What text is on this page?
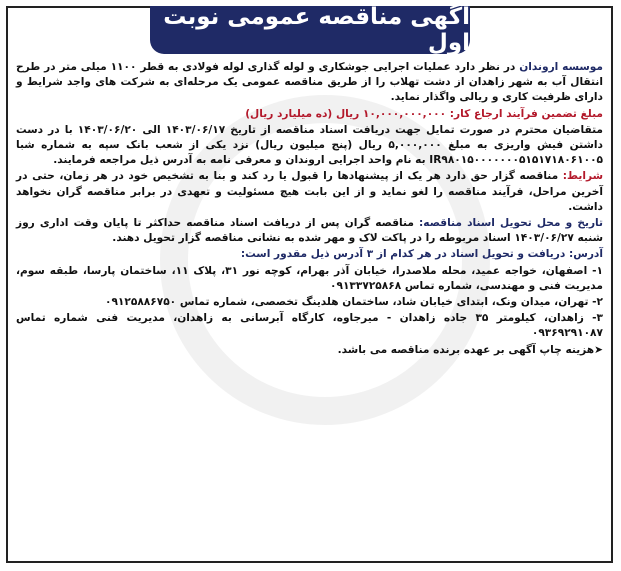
آگهی مناقصه عمومی نوبت اول

موسسه اروندان در نظر دارد عملیات اجرایی جوشکاری و لوله گذاری لوله فولادی به قطر ۱۱۰۰ میلی متر در طرح انتقال آب به شهر زاهدان از دشت تهلاب را از طریق مناقصه عمومی یک مرحله‌ای به شرکت های واجد شرایط و دارای ظرفیت کاری و ریالی واگذار نماید.

مبلغ تضمین فرآیند ارجاع کار: ۱۰,۰۰۰,۰۰۰,۰۰۰ ریال (ده میلیارد ریال)

متقاضیان محترم در صورت تمایل جهت دریافت اسناد مناقصه از تاریخ ۱۴۰۳/۰۶/۱۷ الی ۱۴۰۳/۰۶/۲۰ با در دست داشتن فیش واریزی به مبلغ ۵,۰۰۰,۰۰۰ ریال (پنج میلیون ریال) نزد یکی از شعب بانک سپه به شماره شبا IR۹۸۰۱۵۰۰۰۰۰۰۰۵۱۵۱۷۱۸۰۶۱۰۰۵ به نام واحد اجرایی اروندان و معرفی نامه به آدرس ذیل مراجعه فرمایند.

شرایط: مناقصه گزار حق دارد هر یک از پیشنهادها را قبول یا رد کند و بنا به تشخیص خود در هر زمان، حتی در آخرین مراحل، فرآیند مناقصه را لغو نماید و از این بابت هیچ مسئولیت و تعهدی در برابر مناقصه گران نخواهد داشت.

تاریخ و محل تحویل اسناد مناقصه: مناقصه گران پس از دریافت اسناد مناقصه حداکثر تا پایان وقت اداری روز شنبه ۱۴۰۳/۰۶/۲۷ اسناد مربوطه را در پاکت لاک و مهر شده به نشانی مناقصه گزار تحویل دهند.

آدرس: دریافت و تحویل اسناد در هر کدام از ۳ آدرس ذیل مقدور است:

۱- اصفهان، خواجه عمید، محله ملاصدرا، خیابان آذر بهرام، کوچه نور ۳۱، پلاک ۱۱، ساختمان پارسا، طبقه سوم، مدیریت فنی و مهندسی، شماره تماس ۰۹۱۳۳۷۲۵۸۶۸

۲- تهران، میدان ونک، ابتدای خیابان شاد، ساختمان هلدینگ تخصصی، شماره تماس ۰۹۱۲۵۸۸۶۷۵۰

۳- زاهدان، کیلومتر ۳۵ جاده زاهدان - میرجاوه، کارگاه آبرسانی به زاهدان، مدیریت فنی شماره تماس ۰۹۳۶۹۲۹۱۰۸۷

➤هزینه چاپ آگهی بر عهده برنده مناقصه می باشد.
